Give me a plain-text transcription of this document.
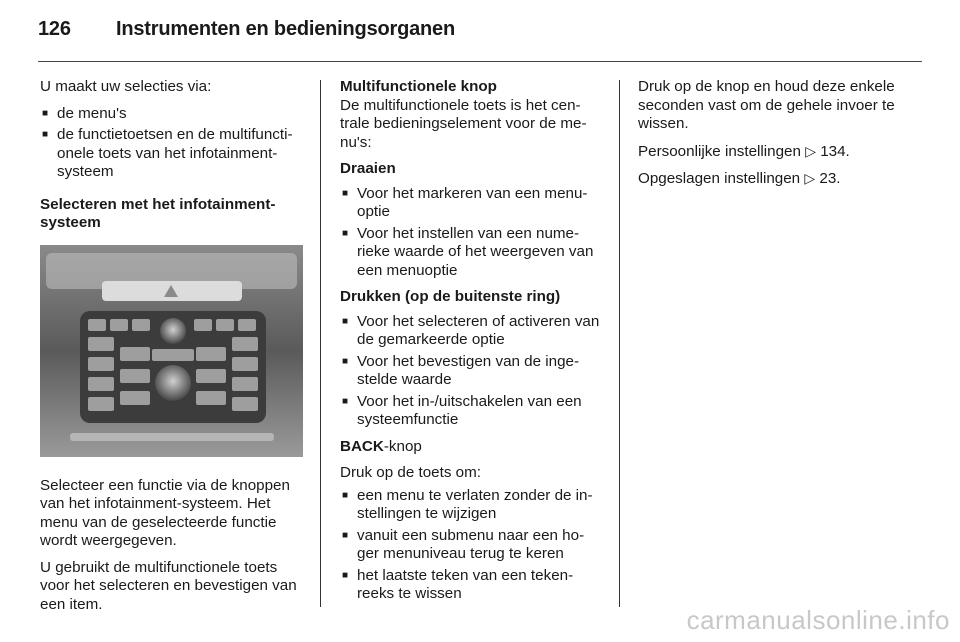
126 Instrumenten en bedieningsorganen

U maakt uw selecties via:

■ de menu's
■ de functietoetsen en de multifuncti-onele toets van het infotainment-systeem
Selecteren met het infotainment-systeem

Selecteer een functie via de knoppen van het infotainment-systeem. Het menu van de geselecteerde functie wordt weergegeven.

U gebruikt de multifunctionele toets voor het selecteren en bevestigen van een item.

Multifunctionele knop

De multifunctionele toets is het cen-trale bedieningselement voor de me-nu's:

Draaien
■ Voor het markeren van een menu-optie
■ Voor het instellen van een nume-rieke waarde of het weergeven van een menuoptie
Drukken (op de buitenste ring)
■ Voor het selecteren of activeren van de gemarkeerde optie
■ Voor het bevestigen van de inge-stelde waarde
■ Voor het in-/uitschakelen van een systeemfunctie

BACK-knop

Druk op de toets om:

■ een menu te verlaten zonder de in-stellingen te wijzigen
■ vanuit een submenu naar een ho-ger menuniveau terug te keren
■ het laatste teken van een teken-reeks te wissen

Druk op de knop en houd deze enkele seconden vast om de gehele invoer te wissen.

Persoonlijke instellingen ▷ 134.

Opgeslagen instellingen ▷ 23.

carmanualsonline.info
